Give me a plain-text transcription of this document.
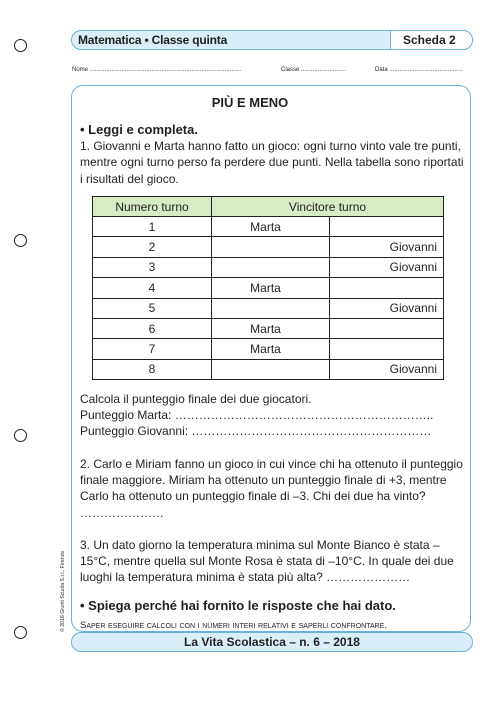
Matematica • Classe quinta	Scheda 2
Nome ...........................................................................................	Classe ...........................	Data ............................................
PIÙ E MENO
• Leggi e completa.
1. Giovanni e Marta hanno fatto un gioco: ogni turno vinto vale tre punti, mentre ogni turno perso fa perdere due punti. Nella tabella sono riportati i risultati del gioco.
Numero turno	Vincitore turno	
1	Marta	
2		Giovanni
3		Giovanni
4	Marta	
5		Giovanni
6	Marta	
7	Marta	
8		Giovanni
Calcola il punteggio finale dei due giocatori.
Punteggio Marta: ………………………………………………………..
Punteggio Giovanni: ……………………………………………………
2. Carlo e Miriam fanno un gioco in cui vince chi ha ottenuto il punteggio finale maggiore. Miriam ha ottenuto un punteggio finale di +3, mentre Carlo ha ottenuto un punteggio finale di –3. Chi dei due ha vinto? …………………
3. Un dato giorno la temperatura minima sul Monte Bianco è stata –15°C, mentre quella sul Monte Rosa è stata di –10°C. In quale dei due luoghi la temperatura minima è stata più alta? …………………
• Spiega perché hai fornito le risposte che hai dato.
Saper eseguire calcoli con i numeri interi relativi e saperli confrontare.
La Vita Scolastica – n. 6 – 2018
© 2018 Giunti Scuola S.r.l., Firenze
